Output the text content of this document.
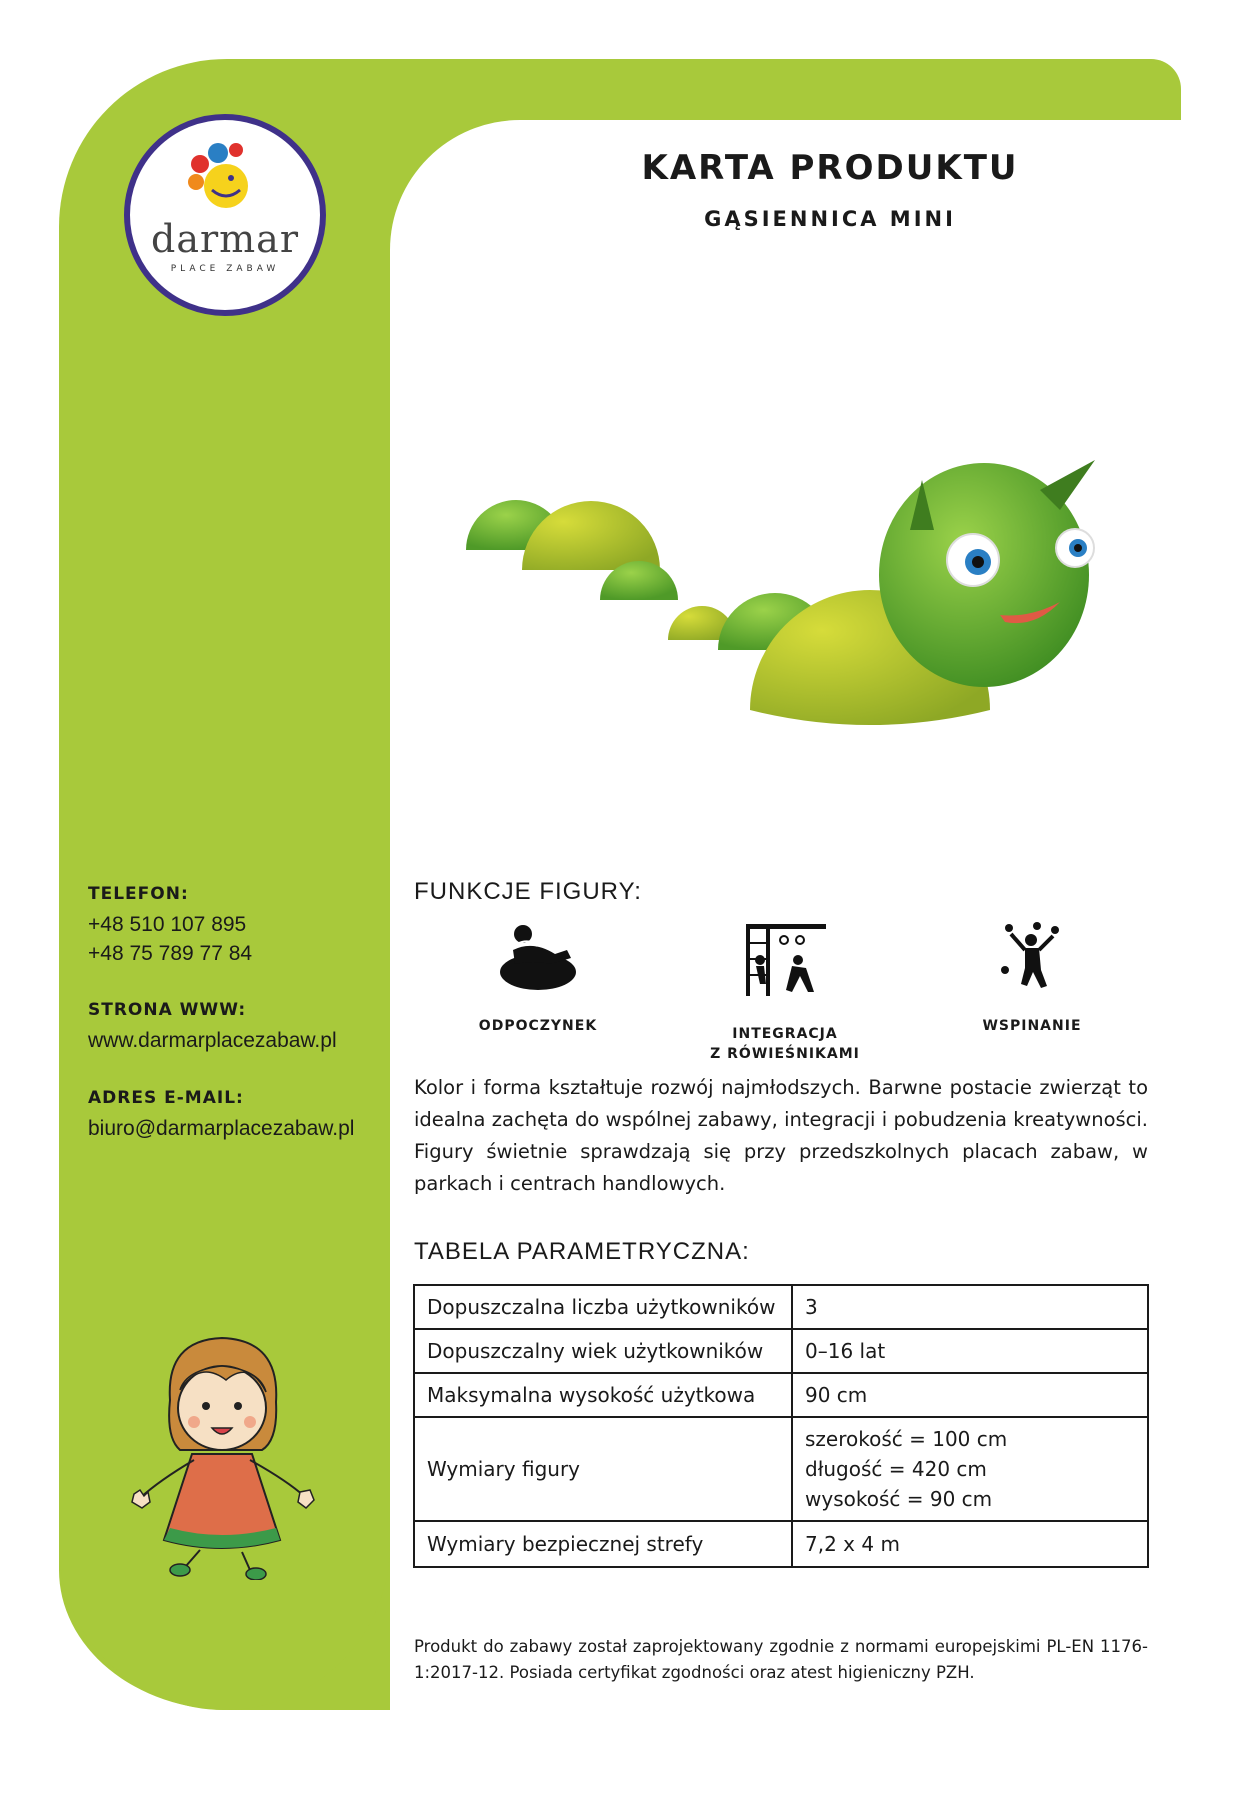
darmar
PLACE ZABAW

TELEFON:

+48 510 107 895
+48 75 789 77 84

STRONA WWW:

www.darmarplacezabaw.pl

ADRES E-MAIL:

biuro@darmarplacezabaw.pl

KARTA PRODUKTU
GĄSIENNICA MINI
FUNKCJE FIGURY:
ODPOCZYNEK	INTEGRACJA
Z RÓWIEŚNIKAMI
WSPINANIE

Kolor i forma kształtuje rozwój najmłodszych. Barwne postacie zwierząt to idealna zachęta do wspólnej zabawy, integracji i pobudzenia kreatywności. Figury świetnie sprawdzają się przy przedszkolnych placach zabaw, w parkach i centrach handlowych.

TABELA PARAMETRYCZNA:
Dopuszczalna liczba użytkowników	3
Dopuszczalny wiek użytkowników	0–16 lat
Maksymalna wysokość użytkowa	90 cm
Wymiary figury	szerokość = 100 cm
długość = 420 cm
wysokość = 90 cm

Wymiary bezpiecznej strefy	7,2 x 4 m

Produkt do zabawy został zaprojektowany zgodnie z normami europejskimi PL-EN 1176-1:2017-12. Posiada certyfikat zgodności oraz atest higieniczny PZH.
